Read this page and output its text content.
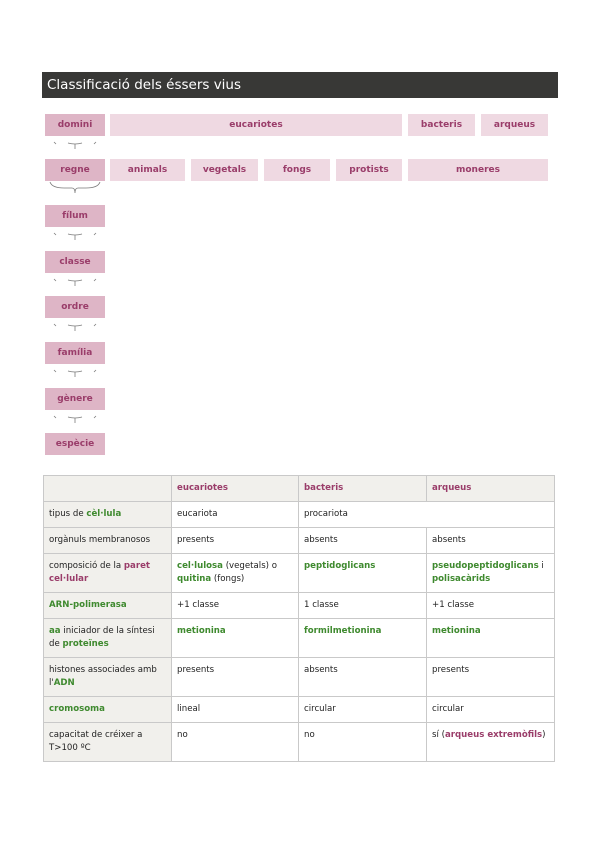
Classificació dels éssers vius
domini
regne
fílum
classe
ordre
família
gènere
espècie
eucariotes	bacteris	arqueus
animals	vegetals	fongs	protists	moneres
	eucariotes	bacteris	arqueus
tipus de cèl·lula	eucariota	procariota	
orgànuls membranosos	presents	absents	absents
composició de la paret cel·lular	cel·lulosa (vegetals) o quitina (fongs)	peptidoglicans	pseudopeptidoglicans i polisacàrids
ARN-polimerasa	+1 classe	1 classe	+1 classe
aa iniciador de la síntesi de proteïnes	metionina	formilmetionina	metionina
histones associades amb l'ADN	presents	absents	presents
cromosoma	lineal	circular	circular
capacitat de créixer a T>100 ºC	no	no	sí (arqueus extremòfils)
